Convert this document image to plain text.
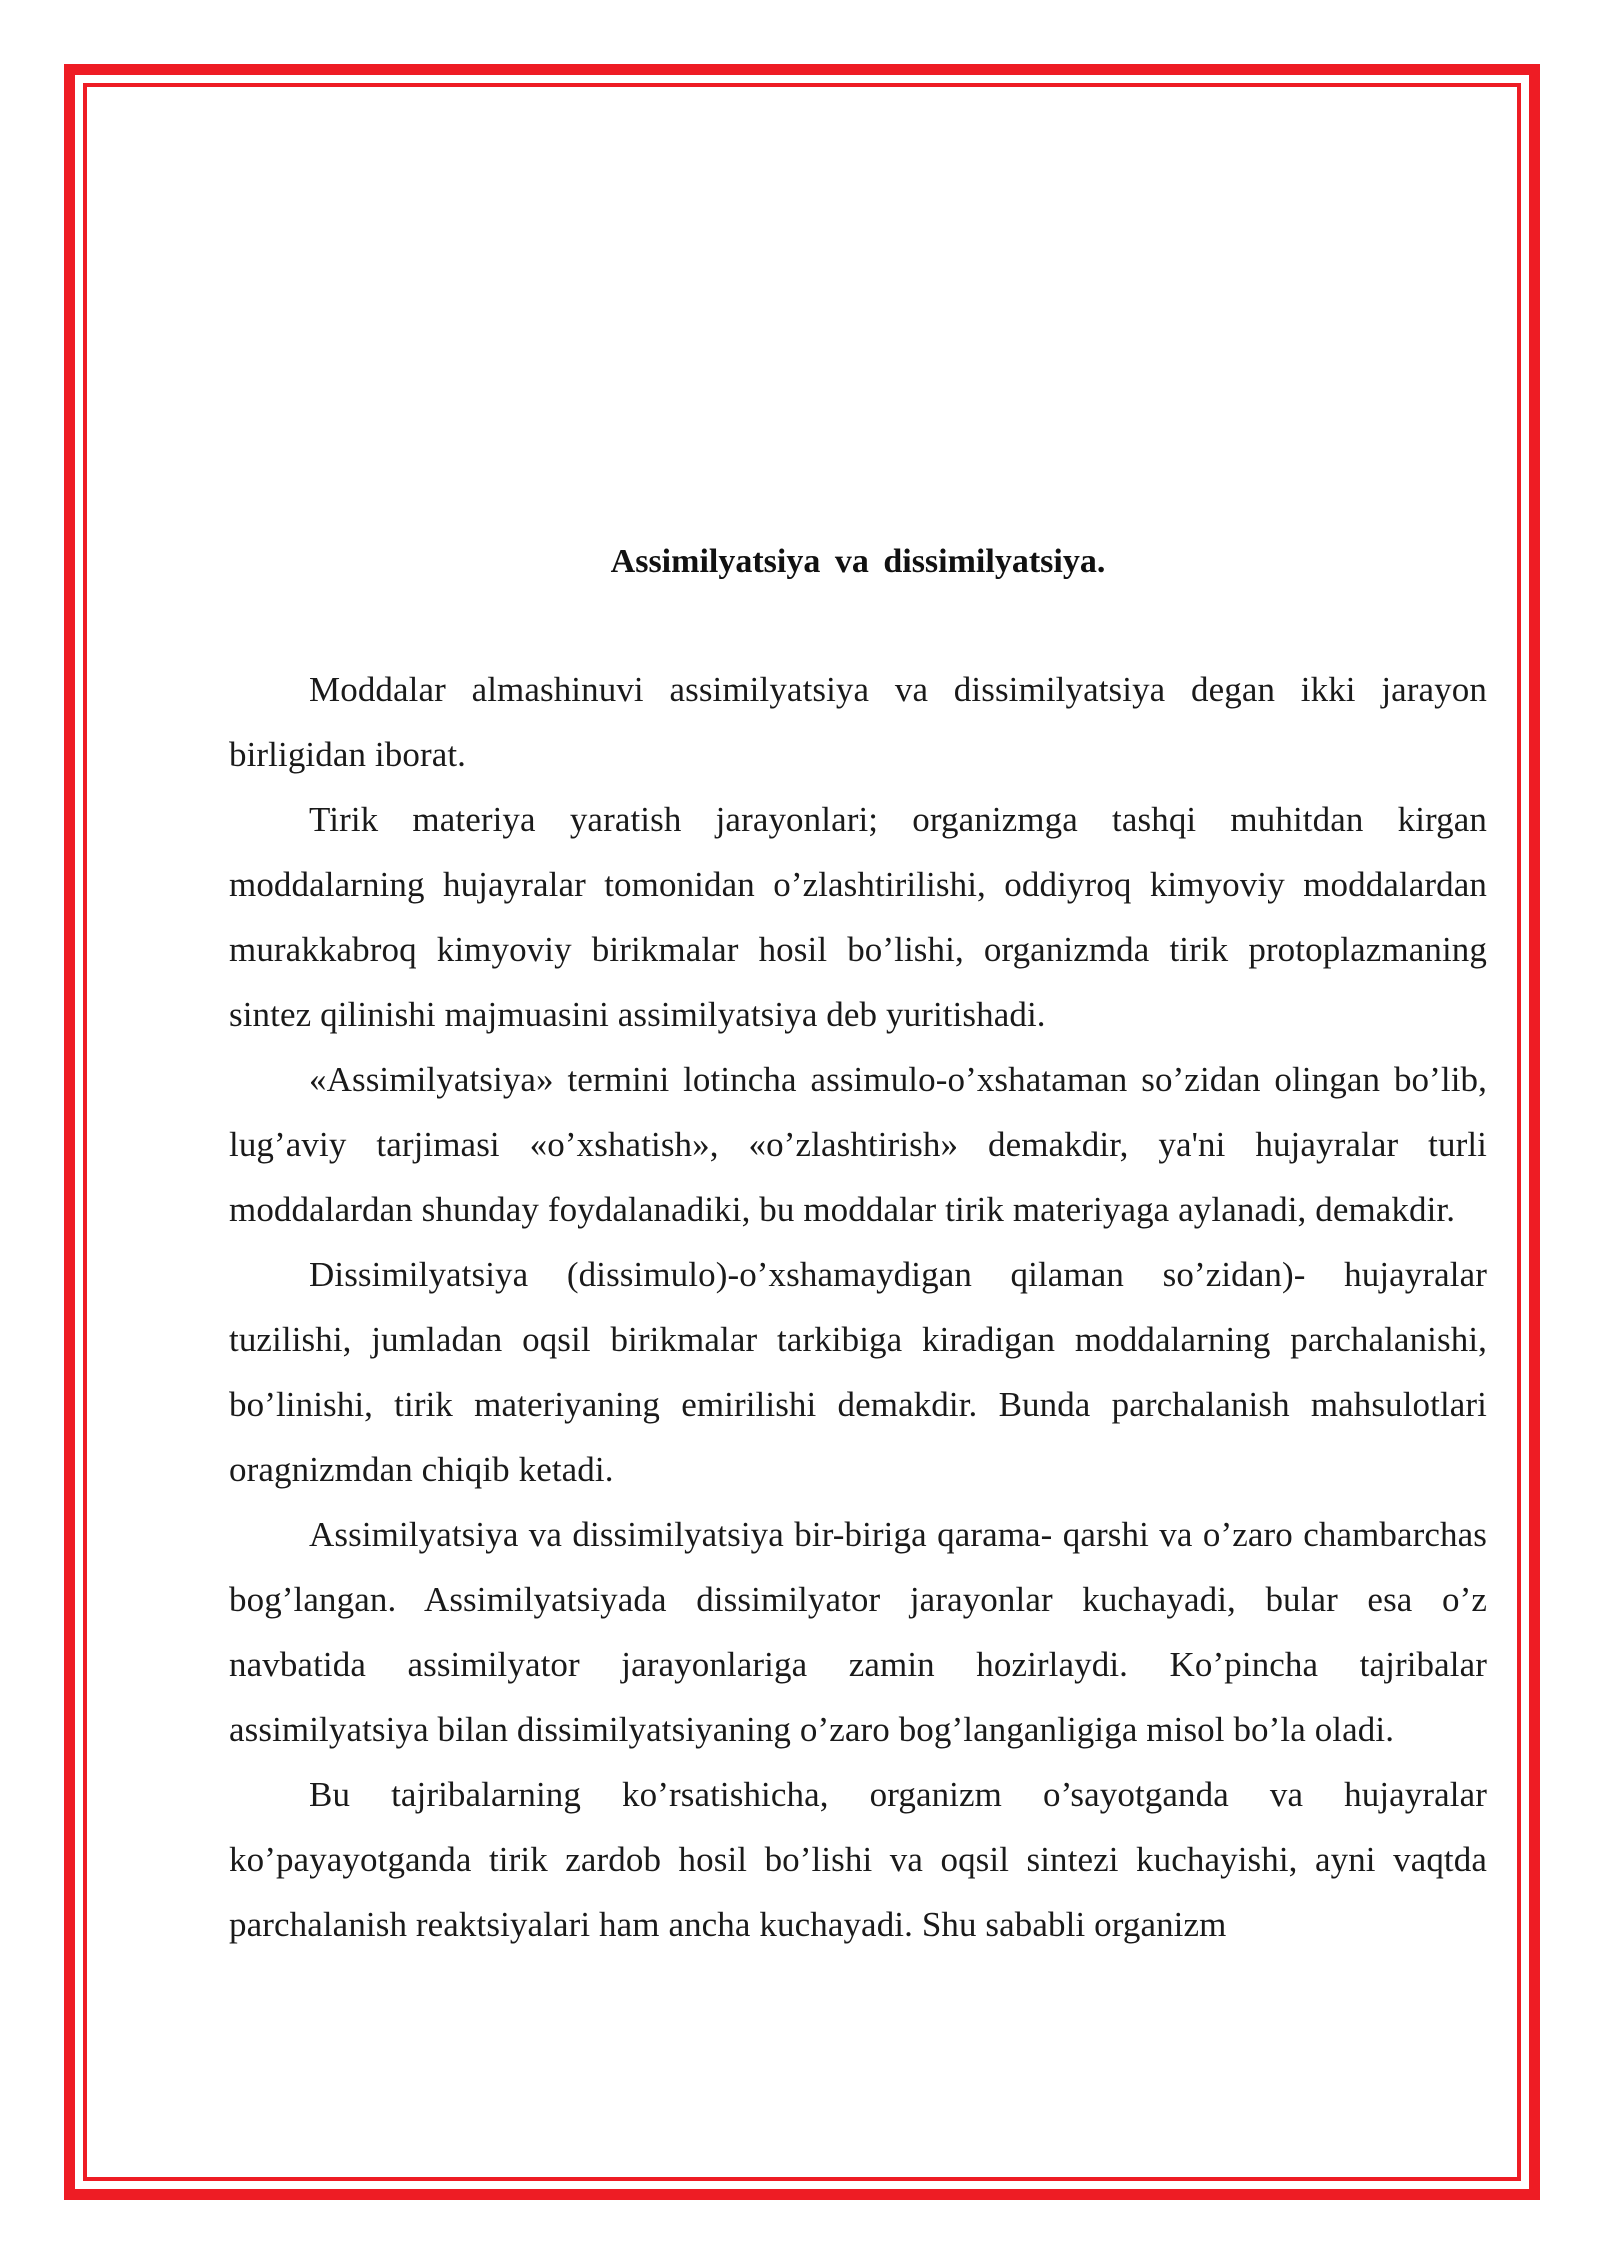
Assimilyatsiya va dissimilyatsiya.

Moddalar almashinuvi assimilyatsiya va dissimilyatsiya degan ikki jarayon birligidan iborat.

Tirik materiya yaratish jarayonlari; organizmga tashqi muhitdan kirgan moddalarning hujayralar tomonidan o’zlashtirilishi, oddiyroq kimyoviy moddalardan murakkabroq kimyoviy birikmalar hosil bo’lishi, organizmda tirik protoplazmaning sintez qilinishi majmuasini assimilyatsiya deb yuritishadi.

«Assimilyatsiya» termini lotincha assimulo-o’xshataman so’zidan olingan bo’lib, lug’aviy tarjimasi «o’xshatish», «o’zlashtirish» demakdir, ya'ni hujayralar turli moddalardan shunday foydalanadiki, bu moddalar tirik materiyaga aylanadi, demakdir.

Dissimilyatsiya (dissimulo)-o’xshamaydigan qilaman so’zidan)- hujayralar tuzilishi, jumladan oqsil birikmalar tarkibiga kiradigan moddalarning parchalanishi, bo’linishi, tirik materiyaning emirilishi demakdir. Bunda parchalanish mahsulotlari oragnizmdan chiqib ketadi.

Assimilyatsiya va dissimilyatsiya bir-biriga qarama- qarshi va o’zaro chambarchas bog’langan. Assimilyatsiyada dissimilyator jarayonlar kuchayadi, bular esa o’z navbatida assimilyator jarayonlariga zamin hozirlaydi. Ko’pincha tajribalar assimilyatsiya bilan dissimilyatsiyaning o’zaro bog’langanligiga misol bo’la oladi.

Bu tajribalarning ko’rsatishicha, organizm o’sayotganda va hujayralar ko’payayotganda tirik zardob hosil bo’lishi va oqsil sintezi kuchayishi, ayni vaqtda parchalanish reaktsiyalari ham ancha kuchayadi. Shu sababli organizm
